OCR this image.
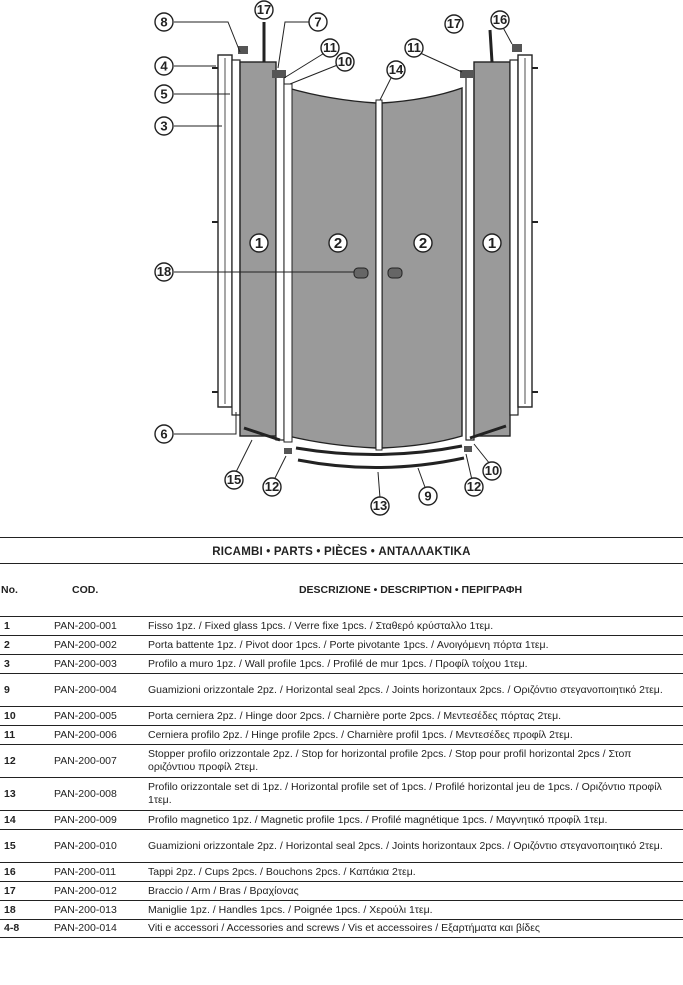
8
17
7
11
10
4
5
3
14
11
17 16
18
6
15 12
13
9
12
10
1	2	2	1
RICAMBI • PARTS • PIÈCES • ΑΝΤΑΛΛΑΚΤΙΚΑ
No.	COD.	DESCRIZIONE • DESCRIPTION • ΠΕΡΙΓΡΑΦΗ
1	PAN-200-001	Fisso 1pz. / Fixed glass 1pcs. / Verre fixe 1pcs. / Σταθερό κρύσταλλο 1τεμ.
2	PAN-200-002	Porta battente 1pz. / Pivot door 1pcs. / Porte pivotante 1pcs. / Ανοιγόμενη πόρτα 1τεμ.
3	PAN-200-003	Profilo a muro 1pz. / Wall profile 1pcs. / Profilé de mur 1pcs. / Προφίλ τοίχου 1τεμ.
9	PAN-200-004	Guamizioni orizzontale 2pz. / Horizontal seal 2pcs. / Joints horizontaux 2pcs. / Οριζόντιο στεγανοποιητικό 2τεμ.
10	PAN-200-005	Porta cerniera 2pz. / Hinge door 2pcs. / Charnière porte 2pcs. / Μεντεσέδες πόρτας 2τεμ.
11	PAN-200-006	Cerniera profilo 2pz. / Hinge profile 2pcs. / Charnière profil 1pcs. / Μεντεσέδες προφίλ 2τεμ.
12	PAN-200-007
Stopper profilo orizzontale 2pz. / Stop for horizontal profile 2pcs. / Stop pour profil horizontal 2pcs / Στοπ οριζόντιου προφίλ 2τεμ.
13	PAN-200-008
Profilo orizzontale set di 1pz. / Horizontal profile set of 1pcs. / Profilé horizontal jeu de 1pcs. / Οριζόντιο προφίλ 1τεμ.
14	PAN-200-009	Profilo magnetico 1pz. / Magnetic profile 1pcs. / Profilé magnétique 1pcs. / Μαγνητικό προφίλ 1τεμ.
15	PAN-200-010	Guamizioni orizzontale 2pz. / Horizontal seal 2pcs. / Joints horizontaux 2pcs. / Οριζόντιο στεγανοποιητικό 2τεμ.
16	PAN-200-011	Tappi 2pz. / Cups 2pcs. / Bouchons 2pcs. / Καπάκια 2τεμ.
17	PAN-200-012	Braccio / Arm / Bras / Βραχίονας
18	PAN-200-013	Maniglie 1pz. / Handles 1pcs. / Poignée 1pcs. / Χερούλι 1τεμ.
4-8	PAN-200-014	Viti e accessori / Accessories and screws / Vis et accessoires / Εξαρτήματα και βίδες
